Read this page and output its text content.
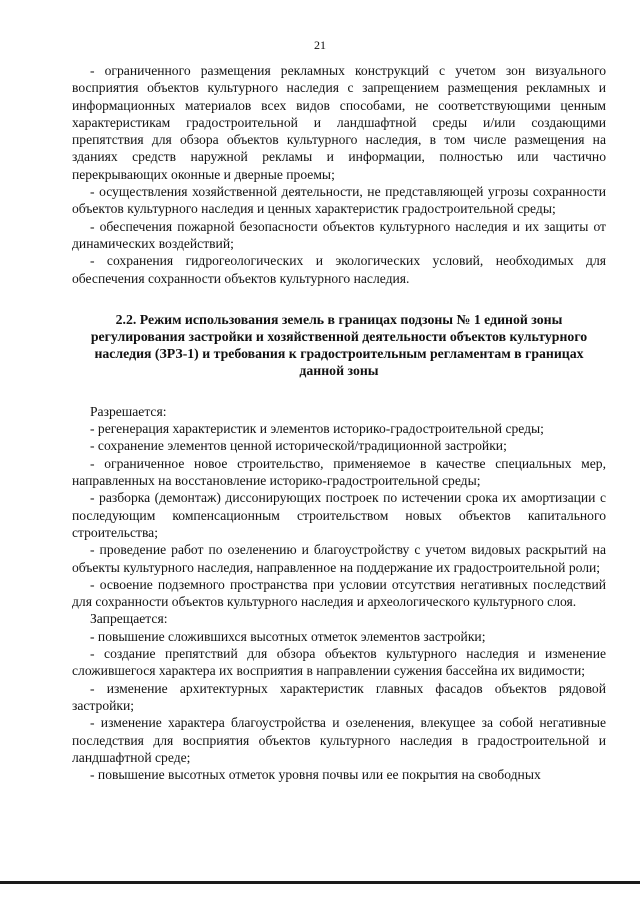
21

- ограниченного размещения рекламных конструкций с учетом зон визуального восприятия объектов культурного наследия с запрещением размещения рекламных и информационных материалов всех видов способами, не соответствующими ценным характеристикам градостроительной и ландшафтной среды и/или создающими препятствия для обзора объектов культурного наследия, в том числе размещения на зданиях средств наружной рекламы и информации, полностью или частично перекрывающих оконные и дверные проемы;

- осуществления хозяйственной деятельности, не представляющей угрозы сохранности объектов культурного наследия и ценных характеристик градостроительной среды;

- обеспечения пожарной безопасности объектов культурного наследия и их защиты от динамических воздействий;

- сохранения гидрогеологических и экологических условий, необходимых для обеспечения сохранности объектов культурного наследия.

2.2. Режим использования земель в границах подзоны № 1 единой зоны регулирования застройки и хозяйственной деятельности объектов культурного наследия (ЗРЗ-1) и требования к градостроительным регламентам в границах данной зоны

Разрешается:

- регенерация характеристик и элементов историко-градостроительной среды;

- сохранение элементов ценной исторической/традиционной застройки;

- ограниченное новое строительство, применяемое в качестве специальных мер, направленных на восстановление историко-градостроительной среды;

- разборка (демонтаж) диссонирующих построек по истечении срока их амортизации с последующим компенсационным строительством новых объектов капитального строительства;

- проведение работ по озеленению и благоустройству с учетом видовых раскрытий на объекты культурного наследия, направленное на поддержание их градостроительной роли;

- освоение подземного пространства при условии отсутствия негативных последствий для сохранности объектов культурного наследия и археологического культурного слоя.

Запрещается:

- повышение сложившихся высотных отметок элементов застройки;

- создание препятствий для обзора объектов культурного наследия и изменение сложившегося характера их восприятия в направлении сужения бассейна их видимости;

- изменение архитектурных характеристик главных фасадов объектов рядовой застройки;

- изменение характера благоустройства и озеленения, влекущее за собой негативные последствия для восприятия объектов культурного наследия в градостроительной и ландшафтной среде;

- повышение высотных отметок уровня почвы или ее покрытия на свободных
